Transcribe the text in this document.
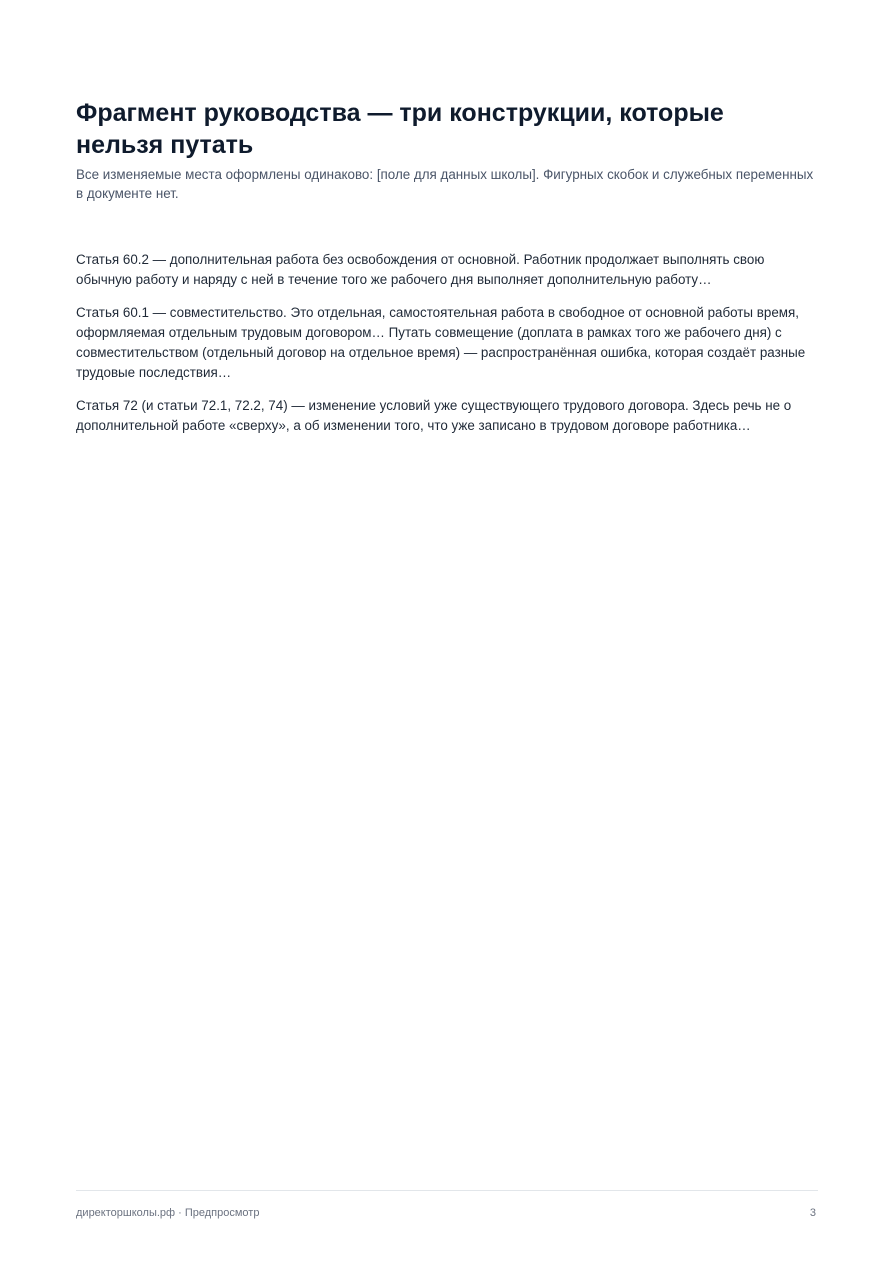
Фрагмент руководства — три конструкции, которые нельзя путать

Все изменяемые места оформлены одинаково: [поле для данных школы]. Фигурных скобок и служебных переменных в документе нет.

Статья 60.2 — дополнительная работа без освобождения от основной. Работник продолжает выполнять свою обычную работу и наряду с ней в течение того же рабочего дня выполняет дополнительную работу…

Статья 60.1 — совместительство. Это отдельная, самостоятельная работа в свободное от основной работы время, оформляемая отдельным трудовым договором… Путать совмещение (доплата в рамках того же рабочего дня) с совместительством (отдельный договор на отдельное время) — распространённая ошибка, которая создаёт разные трудовые последствия…

Статья 72 (и статьи 72.1, 72.2, 74) — изменение условий уже существующего трудового договора. Здесь речь не о дополнительной работе «сверху», а об изменении того, что уже записано в трудовом договоре работника…

директоршколы.рф · Предпросмотр	3
